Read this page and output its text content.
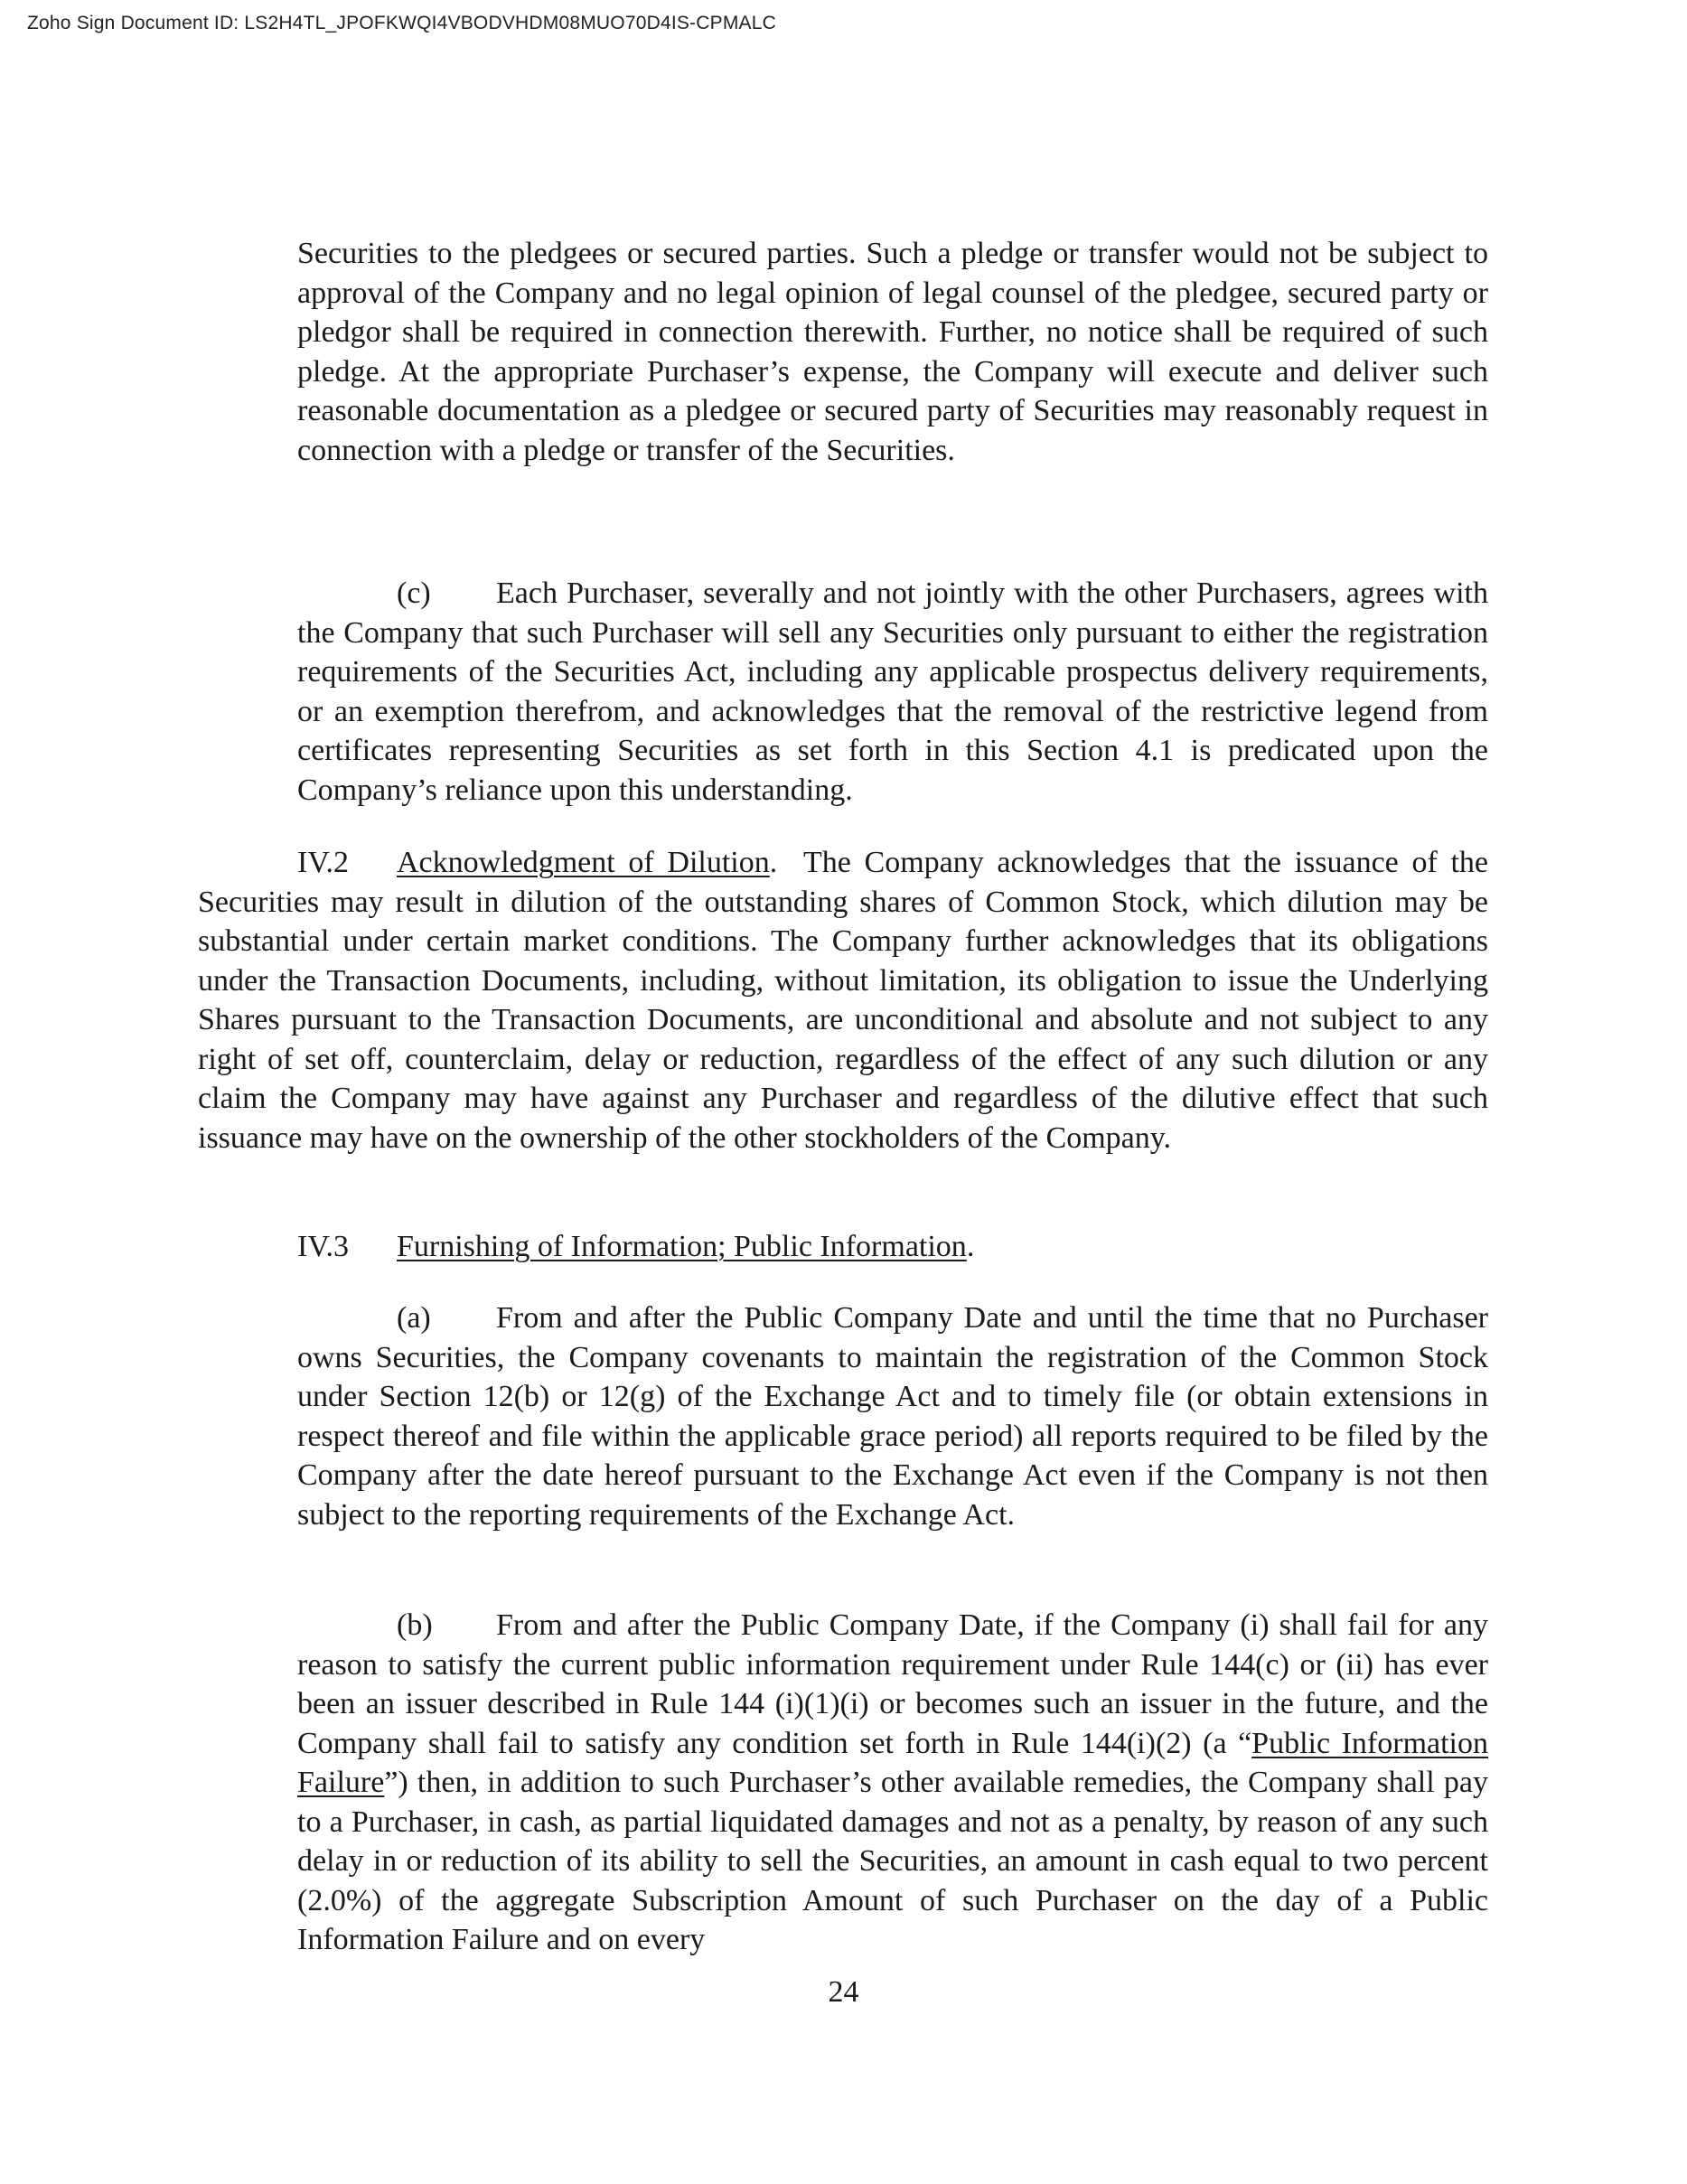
Zoho Sign Document ID: LS2H4TL_JPOFKWQI4VBODVHDM08MUO70D4IS-CPMALC

Securities to the pledgees or secured parties. Such a pledge or transfer would not be subject to approval of the Company and no legal opinion of legal counsel of the pledgee, secured party or pledgor shall be required in connection therewith. Further, no notice shall be required of such pledge. At the appropriate Purchaser’s expense, the Company will execute and deliver such reasonable documentation as a pledgee or secured party of Securities may reasonably request in connection with a pledge or transfer of the Securities.

(c) Each Purchaser, severally and not jointly with the other Purchasers, agrees with the Company that such Purchaser will sell any Securities only pursuant to either the registration requirements of the Securities Act, including any applicable prospectus delivery requirements, or an exemption therefrom, and acknowledges that the removal of the restrictive legend from certificates representing Securities as set forth in this Section 4.1 is predicated upon the Company’s reliance upon this understanding.

IV.2 Acknowledgment of Dilution. The Company acknowledges that the issuance of the Securities may result in dilution of the outstanding shares of Common Stock, which dilution may be substantial under certain market conditions. The Company further acknowledges that its obligations under the Transaction Documents, including, without limitation, its obligation to issue the Underlying Shares pursuant to the Transaction Documents, are unconditional and absolute and not subject to any right of set off, counterclaim, delay or reduction, regardless of the effect of any such dilution or any claim the Company may have against any Purchaser and regardless of the dilutive effect that such issuance may have on the ownership of the other stockholders of the Company.

IV.3 Furnishing of Information; Public Information.

(a) From and after the Public Company Date and until the time that no Purchaser owns Securities, the Company covenants to maintain the registration of the Common Stock under Section 12(b) or 12(g) of the Exchange Act and to timely file (or obtain extensions in respect thereof and file within the applicable grace period) all reports required to be filed by the Company after the date hereof pursuant to the Exchange Act even if the Company is not then subject to the reporting requirements of the Exchange Act.

(b) From and after the Public Company Date, if the Company (i) shall fail for any reason to satisfy the current public information requirement under Rule 144(c) or (ii) has ever been an issuer described in Rule 144 (i)(1)(i) or becomes such an issuer in the future, and the Company shall fail to satisfy any condition set forth in Rule 144(i)(2) (a “Public Information Failure”) then, in addition to such Purchaser’s other available remedies, the Company shall pay to a Purchaser, in cash, as partial liquidated damages and not as a penalty, by reason of any such delay in or reduction of its ability to sell the Securities, an amount in cash equal to two percent (2.0%) of the aggregate Subscription Amount of such Purchaser on the day of a Public Information Failure and on every

24
